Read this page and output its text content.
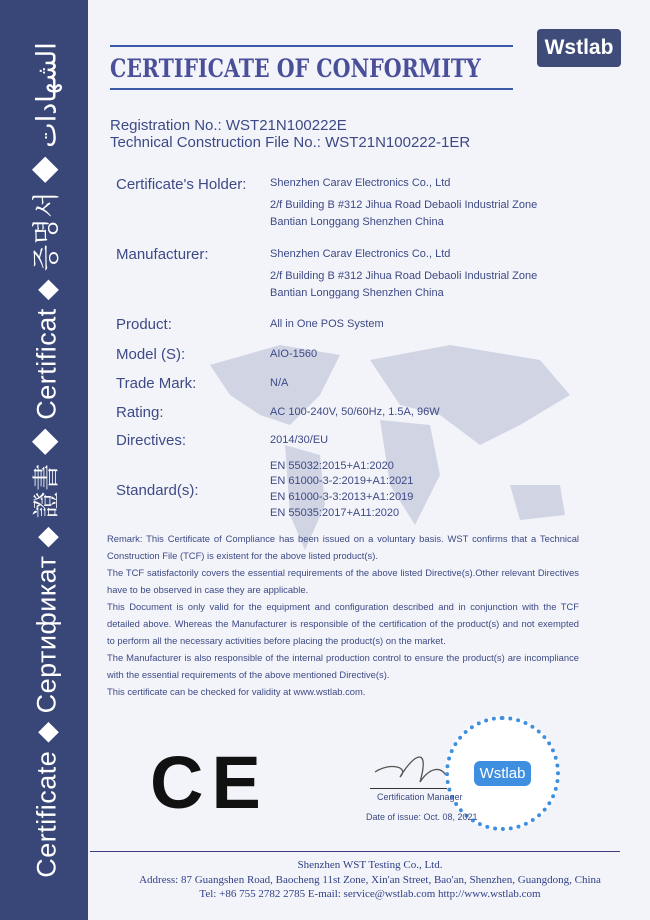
Certificate ◆ Сертификат ◆ 證書 ◆ Certificat ◆ 증명서 ◆ الشهادات CERTIFICATE OF CONFORMITY
Wstlab
Registration No.: WST21N100222E
Technical Construction File No.: WST21N100222-1ER
Certificate's Holder: Shenzhen Carav Electronics Co., Ltd
2/f Building B #312 Jihua Road Debaoli Industrial Zone
Bantian Longgang Shenzhen China
Manufacturer:	Shenzhen Carav Electronics Co., Ltd
2/f Building B #312 Jihua Road Debaoli Industrial Zone
Bantian Longgang Shenzhen China
Product:	All in One POS System
Model (S):	AIO-1560
Trade Mark:	N/A
Rating:	AC 100-240V, 50/60Hz, 1.5A, 96W
Directives:	2014/30/EU
Standard(s):
EN 55032:2015+A1:2020
EN 61000-3-2:2019+A1:2021
EN 61000-3-3:2013+A1:2019
EN 55035:2017+A11:2020

Remark: This Certificate of Compliance has been issued on a voluntary basis. WST confirms that a Technical Construction File (TCF) is existent for the above listed product(s).

The TCF satisfactorily covers the essential requirements of the above listed Directive(s).Other relevant Directives have to be observed in case they are applicable.

This Document is only valid for the equipment and configuration described and in conjunction with the TCF detailed above. Whereas the Manufacturer is responsible of the certification of the product(s) and not exempted to perform all the necessary activities before placing the product(s) on the market.

The Manufacturer is also responsible of the internal production control to ensure the product(s) are incompliance with the essential requirements of the above mentioned Directive(s).

This certificate can be checked for validity at www.wstlab.com.

CE	Wstlab
Certification Manager
Date of issue: Oct. 08, 2021
Shenzhen WST Testing Co., Ltd.
Address: 87 Guangshen Road, Baocheng 11st Zone, Xin'an Street, Bao'an, Shenzhen, Guangdong, China
Tel: +86 755 2782 2785 E-mail: service@wstlab.com http://www.wstlab.com
